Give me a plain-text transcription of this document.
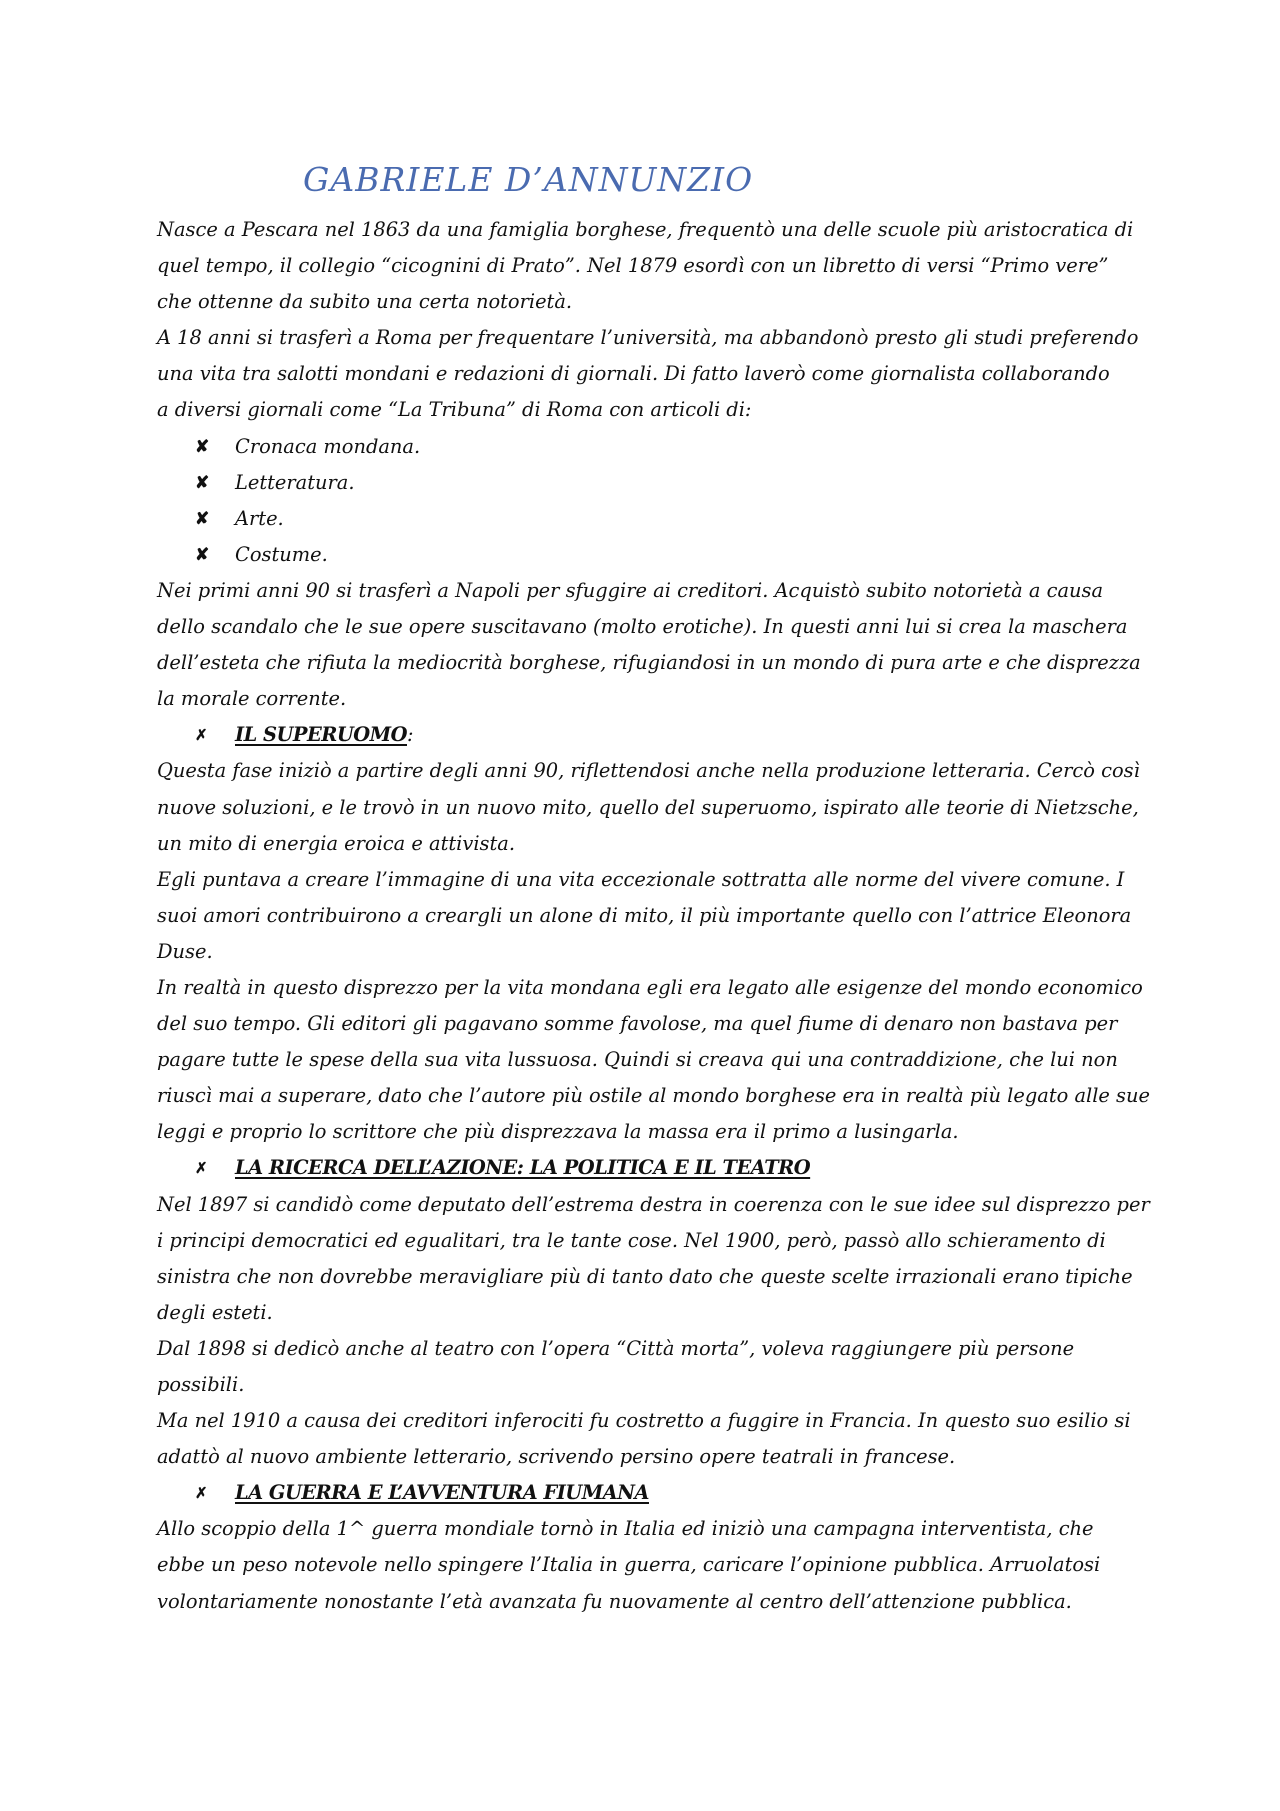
GABRIELE D’ANNUNZIO
Nasce a Pescara nel 1863 da una famiglia borghese, frequentò una delle scuole più aristocratica di
quel tempo, il collegio “cicognini di Prato”. Nel 1879 esordì con un libretto di versi “Primo vere”
che ottenne da subito una certa notorietà.
A 18 anni si trasferì a Roma per frequentare l’università, ma abbandonò presto gli studi preferendo
una vita tra salotti mondani e redazioni di giornali. Di fatto laverò come giornalista collaborando
a diversi giornali come “La Tribuna” di Roma con articoli di:
✘ Cronaca mondana.
✘ Letteratura.
✘ Arte.
✘ Costume.
Nei primi anni 90 si trasferì a Napoli per sfuggire ai creditori. Acquistò subito notorietà a causa
dello scandalo che le sue opere suscitavano (molto erotiche). In questi anni lui si crea la maschera
dell’esteta che rifiuta la mediocrità borghese, rifugiandosi in un mondo di pura arte e che disprezza
la morale corrente.
✗ IL SUPERUOMO:
Questa fase iniziò a partire degli anni 90, riflettendosi anche nella produzione letteraria. Cercò così
nuove soluzioni, e le trovò in un nuovo mito, quello del superuomo, ispirato alle teorie di Nietzsche,
un mito di energia eroica e attivista.
Egli puntava a creare l’immagine di una vita eccezionale sottratta alle norme del vivere comune. I
suoi amori contribuirono a creargli un alone di mito, il più importante quello con l’attrice Eleonora
Duse.
In realtà in questo disprezzo per la vita mondana egli era legato alle esigenze del mondo economico
del suo tempo. Gli editori gli pagavano somme favolose, ma quel fiume di denaro non bastava per
pagare tutte le spese della sua vita lussuosa. Quindi si creava qui una contraddizione, che lui non
riuscì mai a superare, dato che l’autore più ostile al mondo borghese era in realtà più legato alle sue
leggi e proprio lo scrittore che più disprezzava la massa era il primo a lusingarla.
✗ LA RICERCA DELL’AZIONE: LA POLITICA E IL TEATRO
Nel 1897 si candidò come deputato dell’estrema destra in coerenza con le sue idee sul disprezzo per
i principi democratici ed egualitari, tra le tante cose. Nel 1900, però, passò allo schieramento di
sinistra che non dovrebbe meravigliare più di tanto dato che queste scelte irrazionali erano tipiche
degli esteti.
Dal 1898 si dedicò anche al teatro con l’opera “Città morta”, voleva raggiungere più persone
possibili.
Ma nel 1910 a causa dei creditori inferociti fu costretto a fuggire in Francia. In questo suo esilio si
adattò al nuovo ambiente letterario, scrivendo persino opere teatrali in francese.
✗ LA GUERRA E L’AVVENTURA FIUMANA
Allo scoppio della 1^ guerra mondiale tornò in Italia ed iniziò una campagna interventista, che
ebbe un peso notevole nello spingere l’Italia in guerra, caricare l’opinione pubblica. Arruolatosi
volontariamente nonostante l’età avanzata fu nuovamente al centro dell’attenzione pubblica.
